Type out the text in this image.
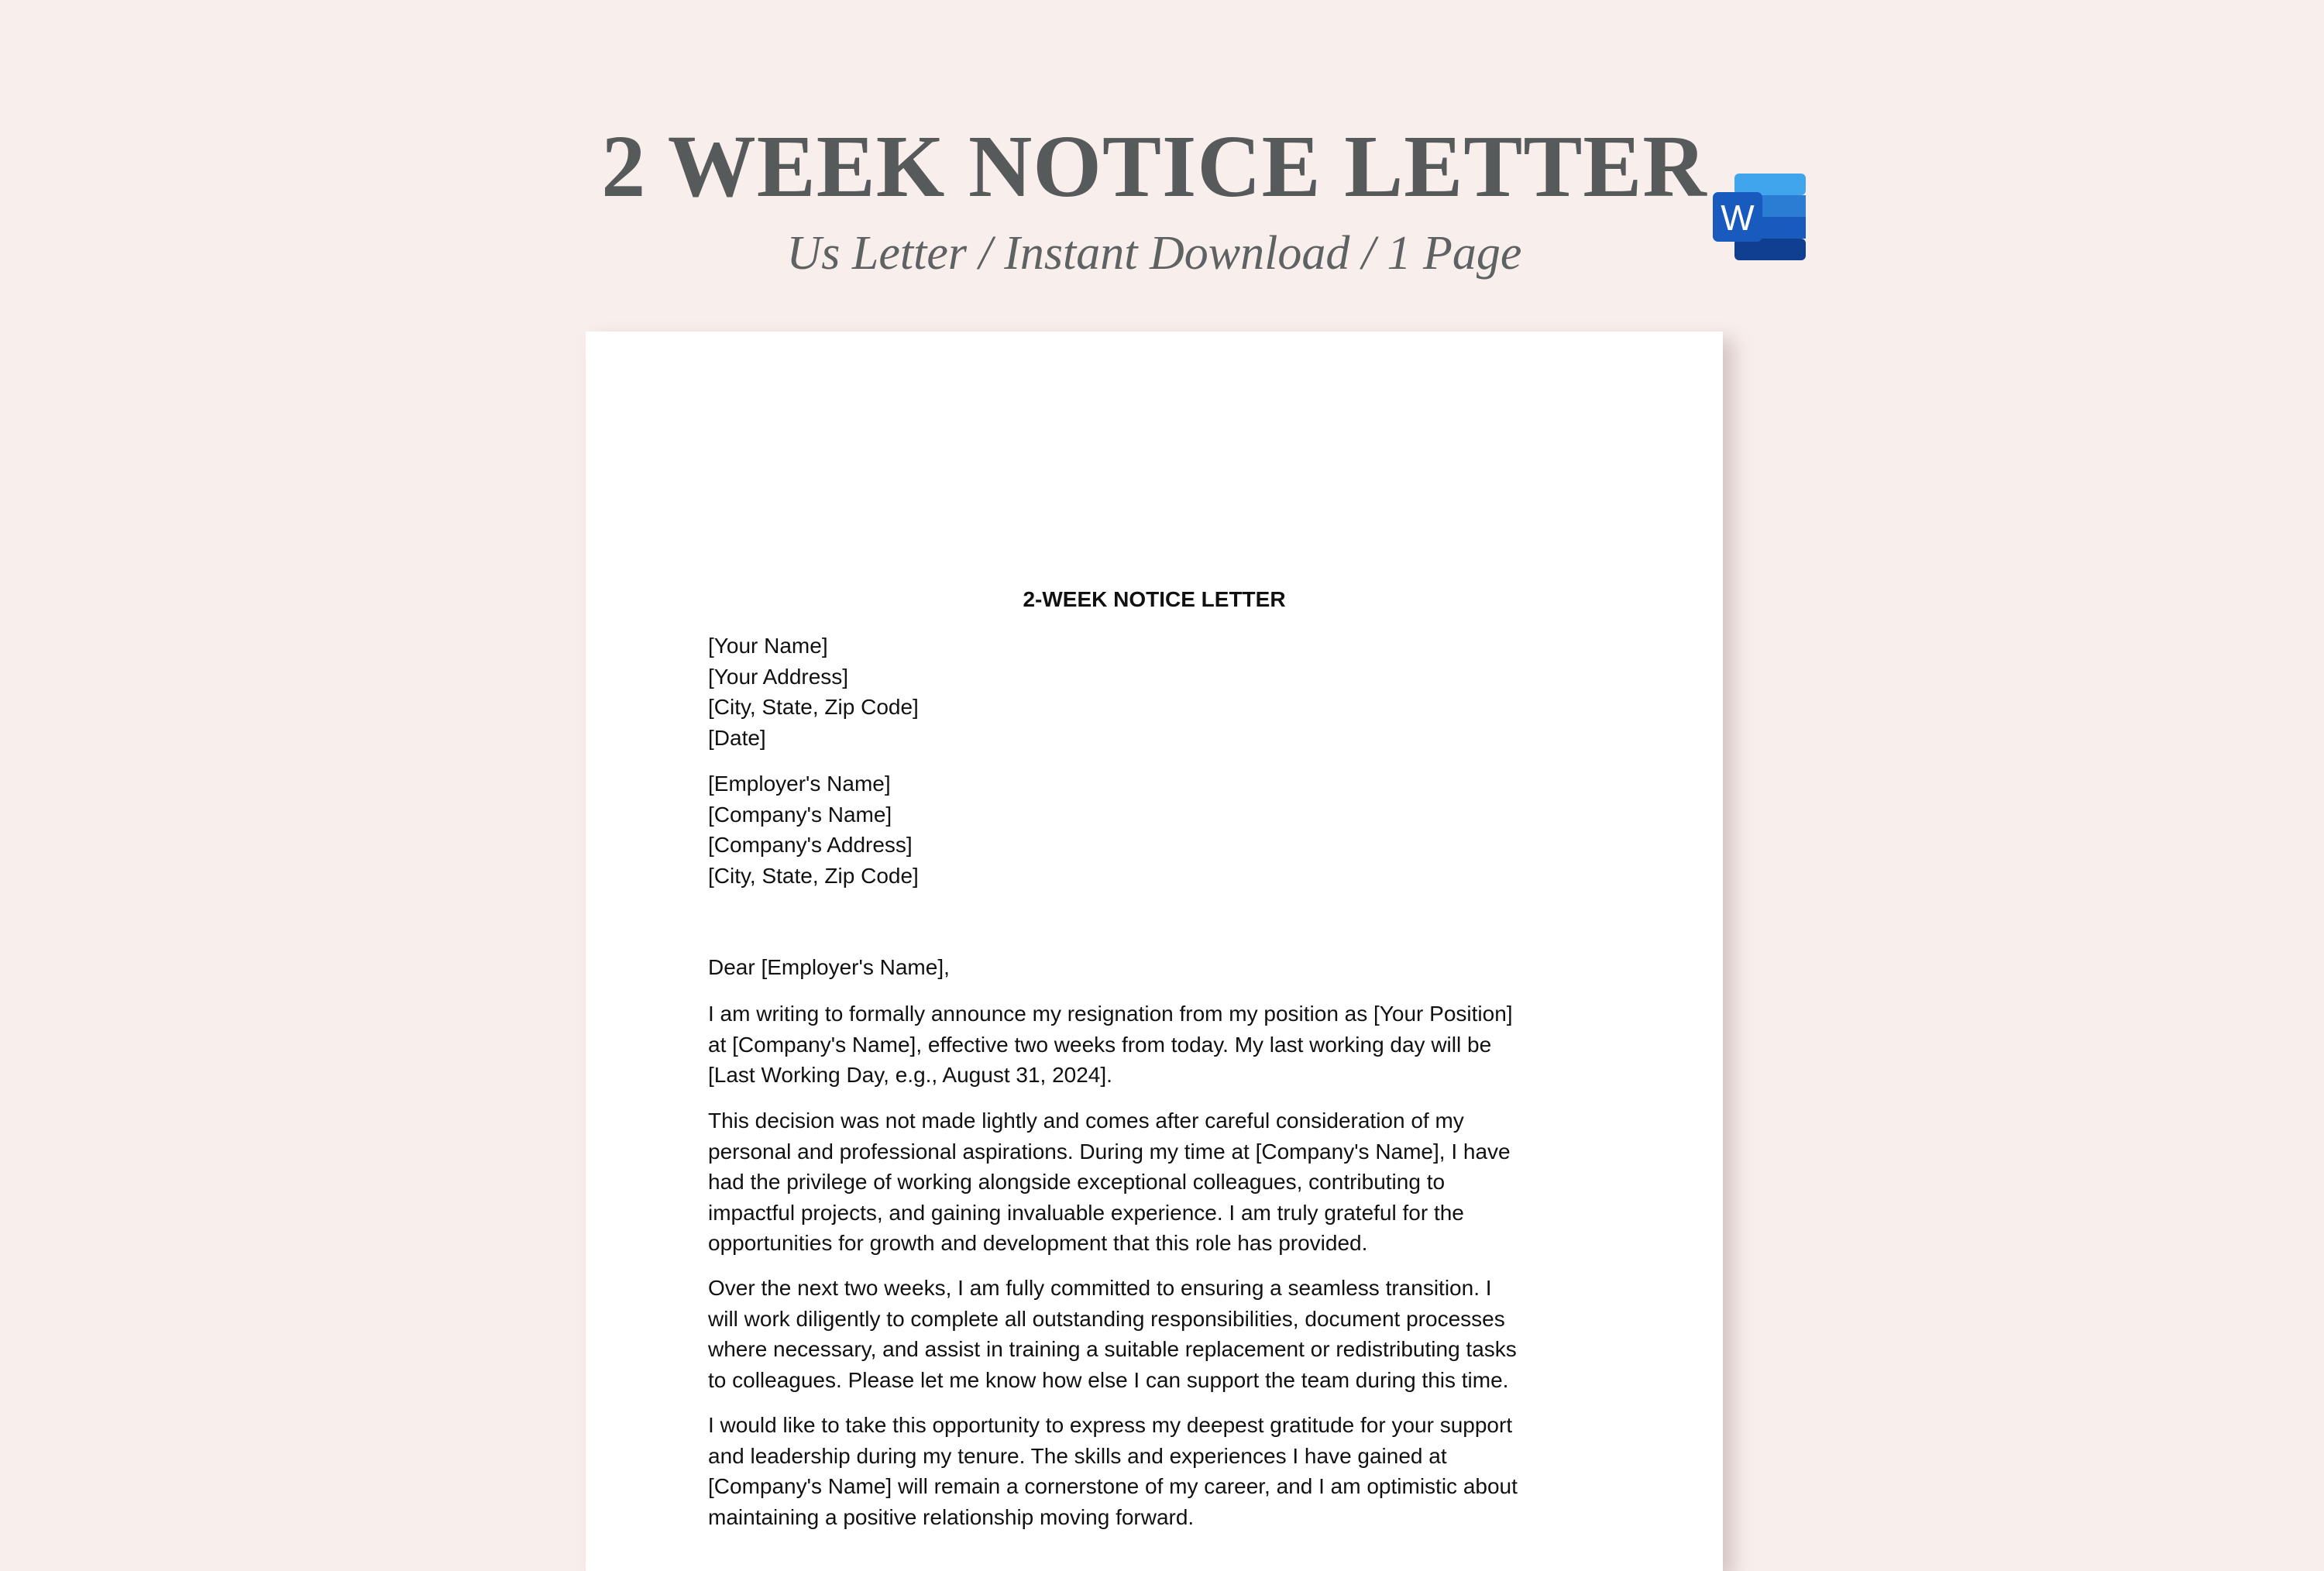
2 WEEK NOTICE LETTER
Us Letter / Instant Download / 1 Page
W
2-WEEK NOTICE LETTER
[Your Name]
[Your Address]
[City, State, Zip Code]
[Date]
[Employer's Name]
[Company's Name]
[Company's Address]
[City, State, Zip Code]
Dear [Employer's Name],
I am writing to formally announce my resignation from my position as [Your Position]
at [Company's Name], effective two weeks from today. My last working day will be
[Last Working Day, e.g., August 31, 2024].
This decision was not made lightly and comes after careful consideration of my
personal and professional aspirations. During my time at [Company's Name], I have
had the privilege of working alongside exceptional colleagues, contributing to
impactful projects, and gaining invaluable experience. I am truly grateful for the
opportunities for growth and development that this role has provided.
Over the next two weeks, I am fully committed to ensuring a seamless transition. I
will work diligently to complete all outstanding responsibilities, document processes
where necessary, and assist in training a suitable replacement or redistributing tasks
to colleagues. Please let me know how else I can support the team during this time.
I would like to take this opportunity to express my deepest gratitude for your support
and leadership during my tenure. The skills and experiences I have gained at
[Company's Name] will remain a cornerstone of my career, and I am optimistic about
maintaining a positive relationship moving forward.
